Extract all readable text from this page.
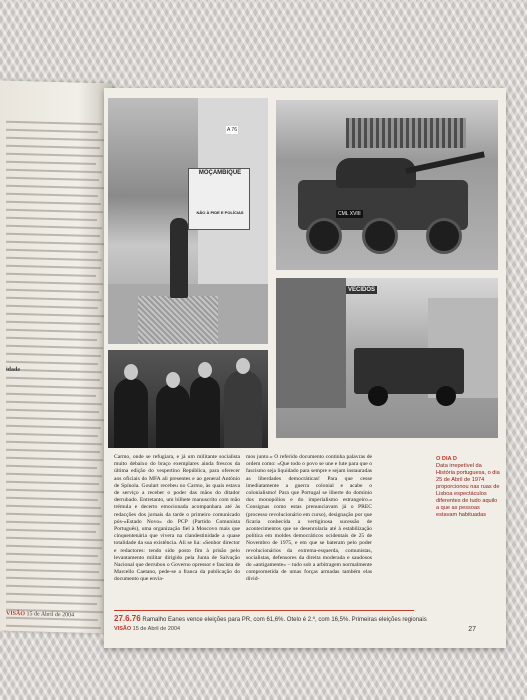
idade
VISÃO 15 de Abril de 2004
A 76
MOÇAMBIQUE
NÃO À PIDE E POLÍCIAS	CML XVIII
VECIDOS
Carmo, onde se refugiara, e já um militante socialista muito debaixo do braço exemplares ainda frescos da última edição do vespertino República, para oferecer aos oficiais do MFA ali presentes e ao general António de Spínola. Goulart recebeu no Carmo, às quais estava de serviço a receber o poder das mãos do ditador derrubado. Entretanto, um bilhete manuscrito com mão trémula e decerto emocionada acompanhara até às redacções dos jornais da tarde o primeiro comunicado pós-«Estado Novo» do PCP (Partido Comunista Português), uma organização fiel à Moscovo mais que cinquentenária que vivera na clandestinidade a quase totalidade da sua existência. Ali se lia: «Senhor director e redactores: tendo sido posto fim à prisão pelo levantamento militar dirigido pela Junta de Salvação Nacional que derrubou o Governo opressor e fascista de Marcello Caetano, pede-se a franca da publicação do documento que envia-
mos junto.» O referido documento continha palavras de ordem como: «Que todo o povo se une e lute para que o fascismo seja liquidado para sempre e sejam instauradas as liberdades democráticas! Para que cesse imediatamente a guerra colonial e acabe o colonialismo! Para que Portugal se liberte do domínio dos monopólios e do imperialismo estrangeiro.» Consignas como estas prenunciavam já o PREC (processo revolucionário em curso), designação por que ficaria conhecida a vertiginosa sucessão de acontecimentos que se desenrolaria até à estabilização política em moldes democráticos ocidentais de 25 de Novembro de 1975, e em que se bateram pelo poder revolucionários da extrema-esquerda, comunistas, socialistas, defensores da direita moderada e saudosos do «antigamente» – tudo sob a arbitragem normalmente comprometida de umas forças armadas também elas divid-
O DIA D
Data irrepetível da História portuguesa, o dia 25 de Abril de 1974 proporcionou nas ruas de Lisboa espectáculos diferentes de tudo aquilo a que as pessoas estavam habituadas
27.6.76 Ramalho Eanes vence eleições para PR, com 61,6%. Otelo é 2.º, com 16,5%. Primeiras eleições regionais
VISÃO 15 de Abril de 2004	27
